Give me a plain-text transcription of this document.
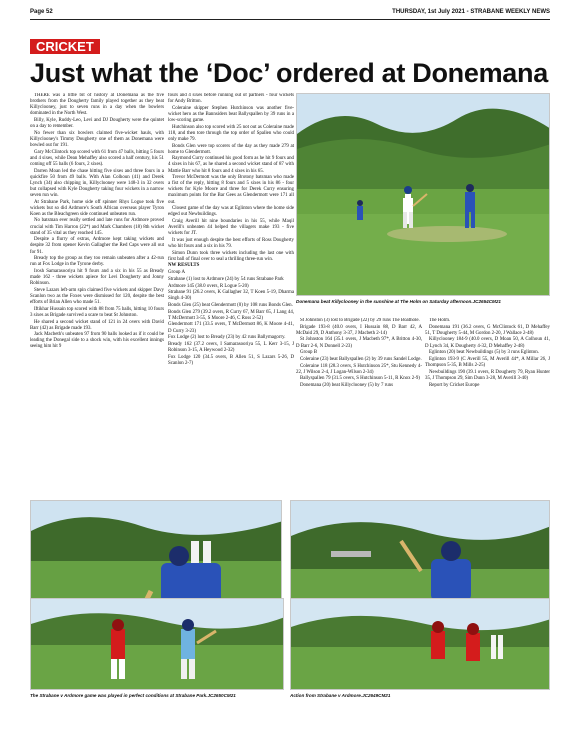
Page 52	THURSDAY, 1st July 2021 - STRABANE WEEKLY NEWS
CRICKET
Just what the ‘Doc’ ordered at Donemana

THERE was a little bit of history at Donemana as the five brothers from the Dougherty family played together as they beat Killyclooney, just to seven runs in a day when the bowlers dominated in the North West.

Billy, Kyle, Ruddy-Leo, Levi and DJ Dougherty were the quintet on a day to remember.

No fewer than six bowlers claimed five-wicket hauls, with Killyclooney's Timmy Dougherty one of them as Donemana were bowled out for 191.

Gary McClintock top scored with 61 from 47 balls, hitting 5 fours and 4 sixes, while Dean Mehaffey also scored a half century, his 51 coming off 55 balls (6 fours, 2 sixes).

Darren Moan led the chase hitting five sixes and three fours in a quickfire 50 from 49 balls. With Alan Colhoun (41) and Derek Lynch (34) also chipping in, Killyclooney were 148-3 in 32 overs but collapsed with Kyle Dougherty taking four wickets in a narrow seven run win.

At Strabane Park, home side off spinner Rhys Logue took five wickets but so did Ardmore's South African overseas player Tyron Koen as the Bleachgreen side continued unbeaten run.

No batsman ever really settled and late runs for Ardmore proved crucial with Tim Harron (22*) and Mark Chambers (18) 8th wicket stand of 35 vital as they reached 145.

Despite a flurry of extras, Ardmore kept taking wickets and despite 32 from opener Kevin Gallagher the Red Caps were all out for 91.

Bready top the group as they too remain unbeaten after a 42-run run at Fox Lodge in the Tyrone derby.

Irosh Samarasooriya hit 9 fours and a six in his 55 as Bready made 162 - three wickets apiece for Levi Dougherty and Jonny Robinson.

Steve Lazars left-arm spin claimed five wickets and skipper Davy Scanlon two as the Foxes were dismissed for 120, despite the best efforts of Brian Allen who made 51.

Iftikhar Hussain top scored with 88 from 75 balls, hitting 10 fours 3 sixes as Brigade survived a scare to beat St Johnston.

He shared a second wicket stand of 121 in 24 overs with David Barr (42) as Brigade made 193.

Jack Macbeth's unbeaten 97 from 90 balls looked as if it could be leading the Donegal side to a shock win, with his excellent innings seeing him hit 9

fours and 4 sixes before running out of partners - four wickets for Andy Britton.

Coleraine skipper Stephen Hutchinson was another five-wicket hero as the Bannsiders beat Ballyspallen by 39 runs in a low-scoring game.

Hutchinson also top scored with 25 not out as Coleraine made 118, and then tore through the top order of Spallen who could only make 79.

Bonds Glen were top scorers of the day as they made 279 at home to Glendermott.

Raymond Curry continued his good form as he hit 9 fours and 4 sixes in his 67, as he shared a second wicket stand of 87 with Mattie Barr who hit 8 fours and 4 sixes in his 65.

Trevor McDermott was the only Brotony batsman who made a fist of the reply, hitting 8 fours and 5 sixes in his 86 - four wickets for Kyle Moore and three for Derek Curry ensuring maximum points for the Bar Gees as Glendermott were 171 all out.

Closest game of the day was at Eglinton where the home side edged out Newbuildings.

Craig Averill hit nine boundaries in his 55, while Maqil Averill's unbeaten 44 helped the villagers make 193 - five wickets for JT.

It was just enough despite the best efforts of Ross Dougherty who hit fours and a six in his 79.

Simon Dunn took three wickets including the last one with first ball of final over to seal a thrilling three-run win.

NW RESULTS

Group A

Strabane (1) lost to Ardmore (24) by 54 runs Strabane Park

Ardmore 145 (38.0 overs, R Logue 5-20)

Strabane 91 (26.2 overs, K Gallagher 32, T Koen 5-19, Dharma Singh 4-30)

Bonds Glen (25) beat Glendermott (0) by 108 runs Bonds Glen.

Bonds Glen 279 (39.2 overs, R Curry 67, M Barr 65, J Lang 44, T McDermott 3-55, S Moore 2-46, C Ross 2-52)

Glendermott 171 (33.5 overs, T McDermott 86, K Moore 4-41, D Curry 3-23)

Fox Lodge (2) lost to Bready (23) by 42 runs Ballymagorry.

Bready 162 (37.2 overs, I Samarasooriya 55, L Kerr 3-15, J Robinson 3-15, A Heywood 2-32)

Fox Lodge 120 (34.5 overs, B Allen 51, S Lazars 5-26, D Scanlon 2-7)

St Johnston (3) lost to Brigade (22) by 29 runs The Boathole.

Brigade 193-8 (40.0 overs, I Hussain 88, D Barr 42, A McDaid 29, D Anthony 3-37, J Macbeth 2-14)

St Johnston 164 (35.1 overs, J Macbeth 97*, A Britton 4-30, D Barr 2-6, N Donnell 2-23)

Group B

Coleraine (23) beat Ballyspallen (2) by 39 runs Sandel Lodge.

Coleraine 118 (28.3 overs, S Hutchinson 25*, Stu Kennedy 4-22, J Wilson 2-4, J Logan-Wilson 2-34)

Ballyspallen 79 (31.5 overs, S Hutchinson 5-11, R Knox 2-9)

Donemana (20) beat Killyclooney (5) by 7 runs

The Holm.

Donemana 191 (36.2 overs, G McClintock 61, D Mehaffey 51, T Dougherty 5-44, M Gordon 2-20, J Wallace 2-48)

Killyclooney 184-9 (40.0 overs, D Moan 50, A Colhoun 41, D Lynch 34, K Dougherty 4-32, D Mehaffey 2-48)

Eglinton (20) beat Newbuildings (5) by 3 runs Eglinton.

Eglinton 193-9 (C Averill 55, M Averill 44*, A Millar 26, J Thompson 5-35, B Mills 2-25)

Newbuildings 190 (39.1 overs, R Dougherty 79, Ryan Hunter 35, J Thompson 29, Sim Dunn 3-28, M Averill 3-40)

Report by Cricket Europe

Donemana beat Killyclooney in the sunshine at The Holm on Saturday afternoon.JC2654CM21
The Strabane v Ardmore game was played in perfect conditions at Strabane Park.JC2650CM21	Action from Strabane v Ardmore.JC2649CM21
